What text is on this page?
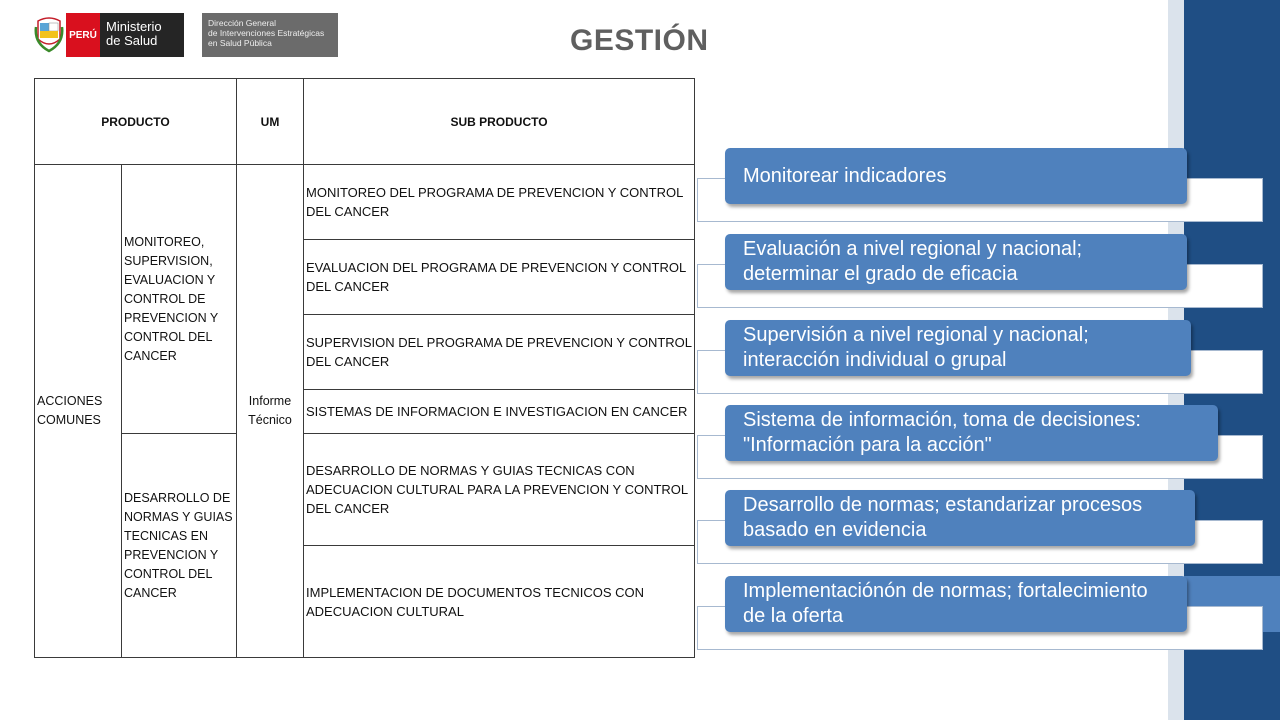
PERÚ
Ministerio
de Salud
Dirección General
de Intervenciones Estratégicas
en Salud Pública	GESTIÓN
PRODUCTO		UM	SUB PRODUCTO
ACCIONES COMUNES	MONITOREO, SUPERVISION, EVALUACION Y CONTROL DE PREVENCION Y CONTROL DEL CANCER	Informe Técnico	MONITOREO DEL PROGRAMA DE PREVENCION Y CONTROL DEL CANCER
			EVALUACION DEL PROGRAMA DE PREVENCION Y CONTROL DEL CANCER
			SUPERVISION DEL PROGRAMA DE PREVENCION Y CONTROL DEL CANCER
			SISTEMAS DE INFORMACION E INVESTIGACION EN CANCER
	DESARROLLO DE NORMAS Y GUIAS TECNICAS EN PREVENCION Y CONTROL DEL CANCER		DESARROLLO DE NORMAS Y GUIAS TECNICAS CON ADECUACION CULTURAL PARA LA PREVENCION Y CONTROL DEL CANCER
			IMPLEMENTACION DE DOCUMENTOS TECNICOS CON ADECUACION CULTURAL
Monitorear indicadores
Evaluación a nivel regional y nacional; determinar el grado de eficacia
Supervisión a nivel regional y nacional; interacción individual o grupal
Sistema de información, toma de decisiones: "Información para la acción"
Desarrollo de normas; estandarizar procesos basado en evidencia
Implementaciónón de normas; fortalecimiento de la oferta
